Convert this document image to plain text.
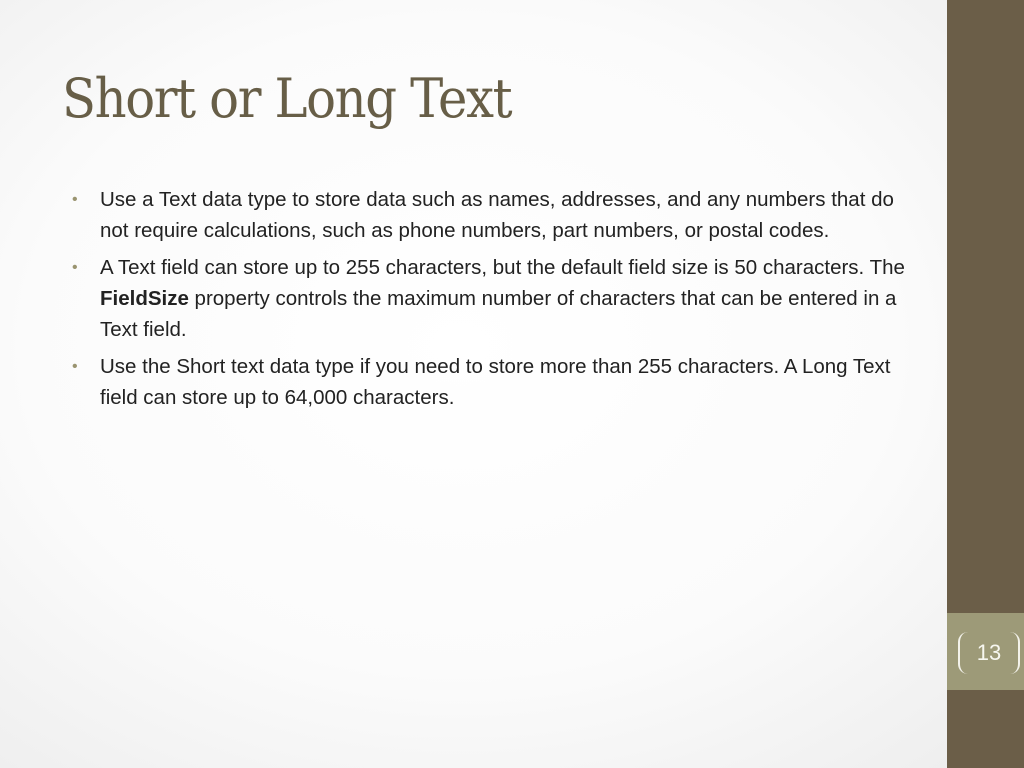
Short or Long Text
• Use a Text data type to store data such as names, addresses, and any numbers that do not require calculations, such as phone numbers, part numbers, or postal codes.
• A Text field can store up to 255 characters, but the default field size is 50 characters. The FieldSize property controls the maximum number of characters that can be entered in a Text field.
• Use the Short text data type if you need to store more than 255 characters. A Long Text field can store up to 64,000 characters.
13
